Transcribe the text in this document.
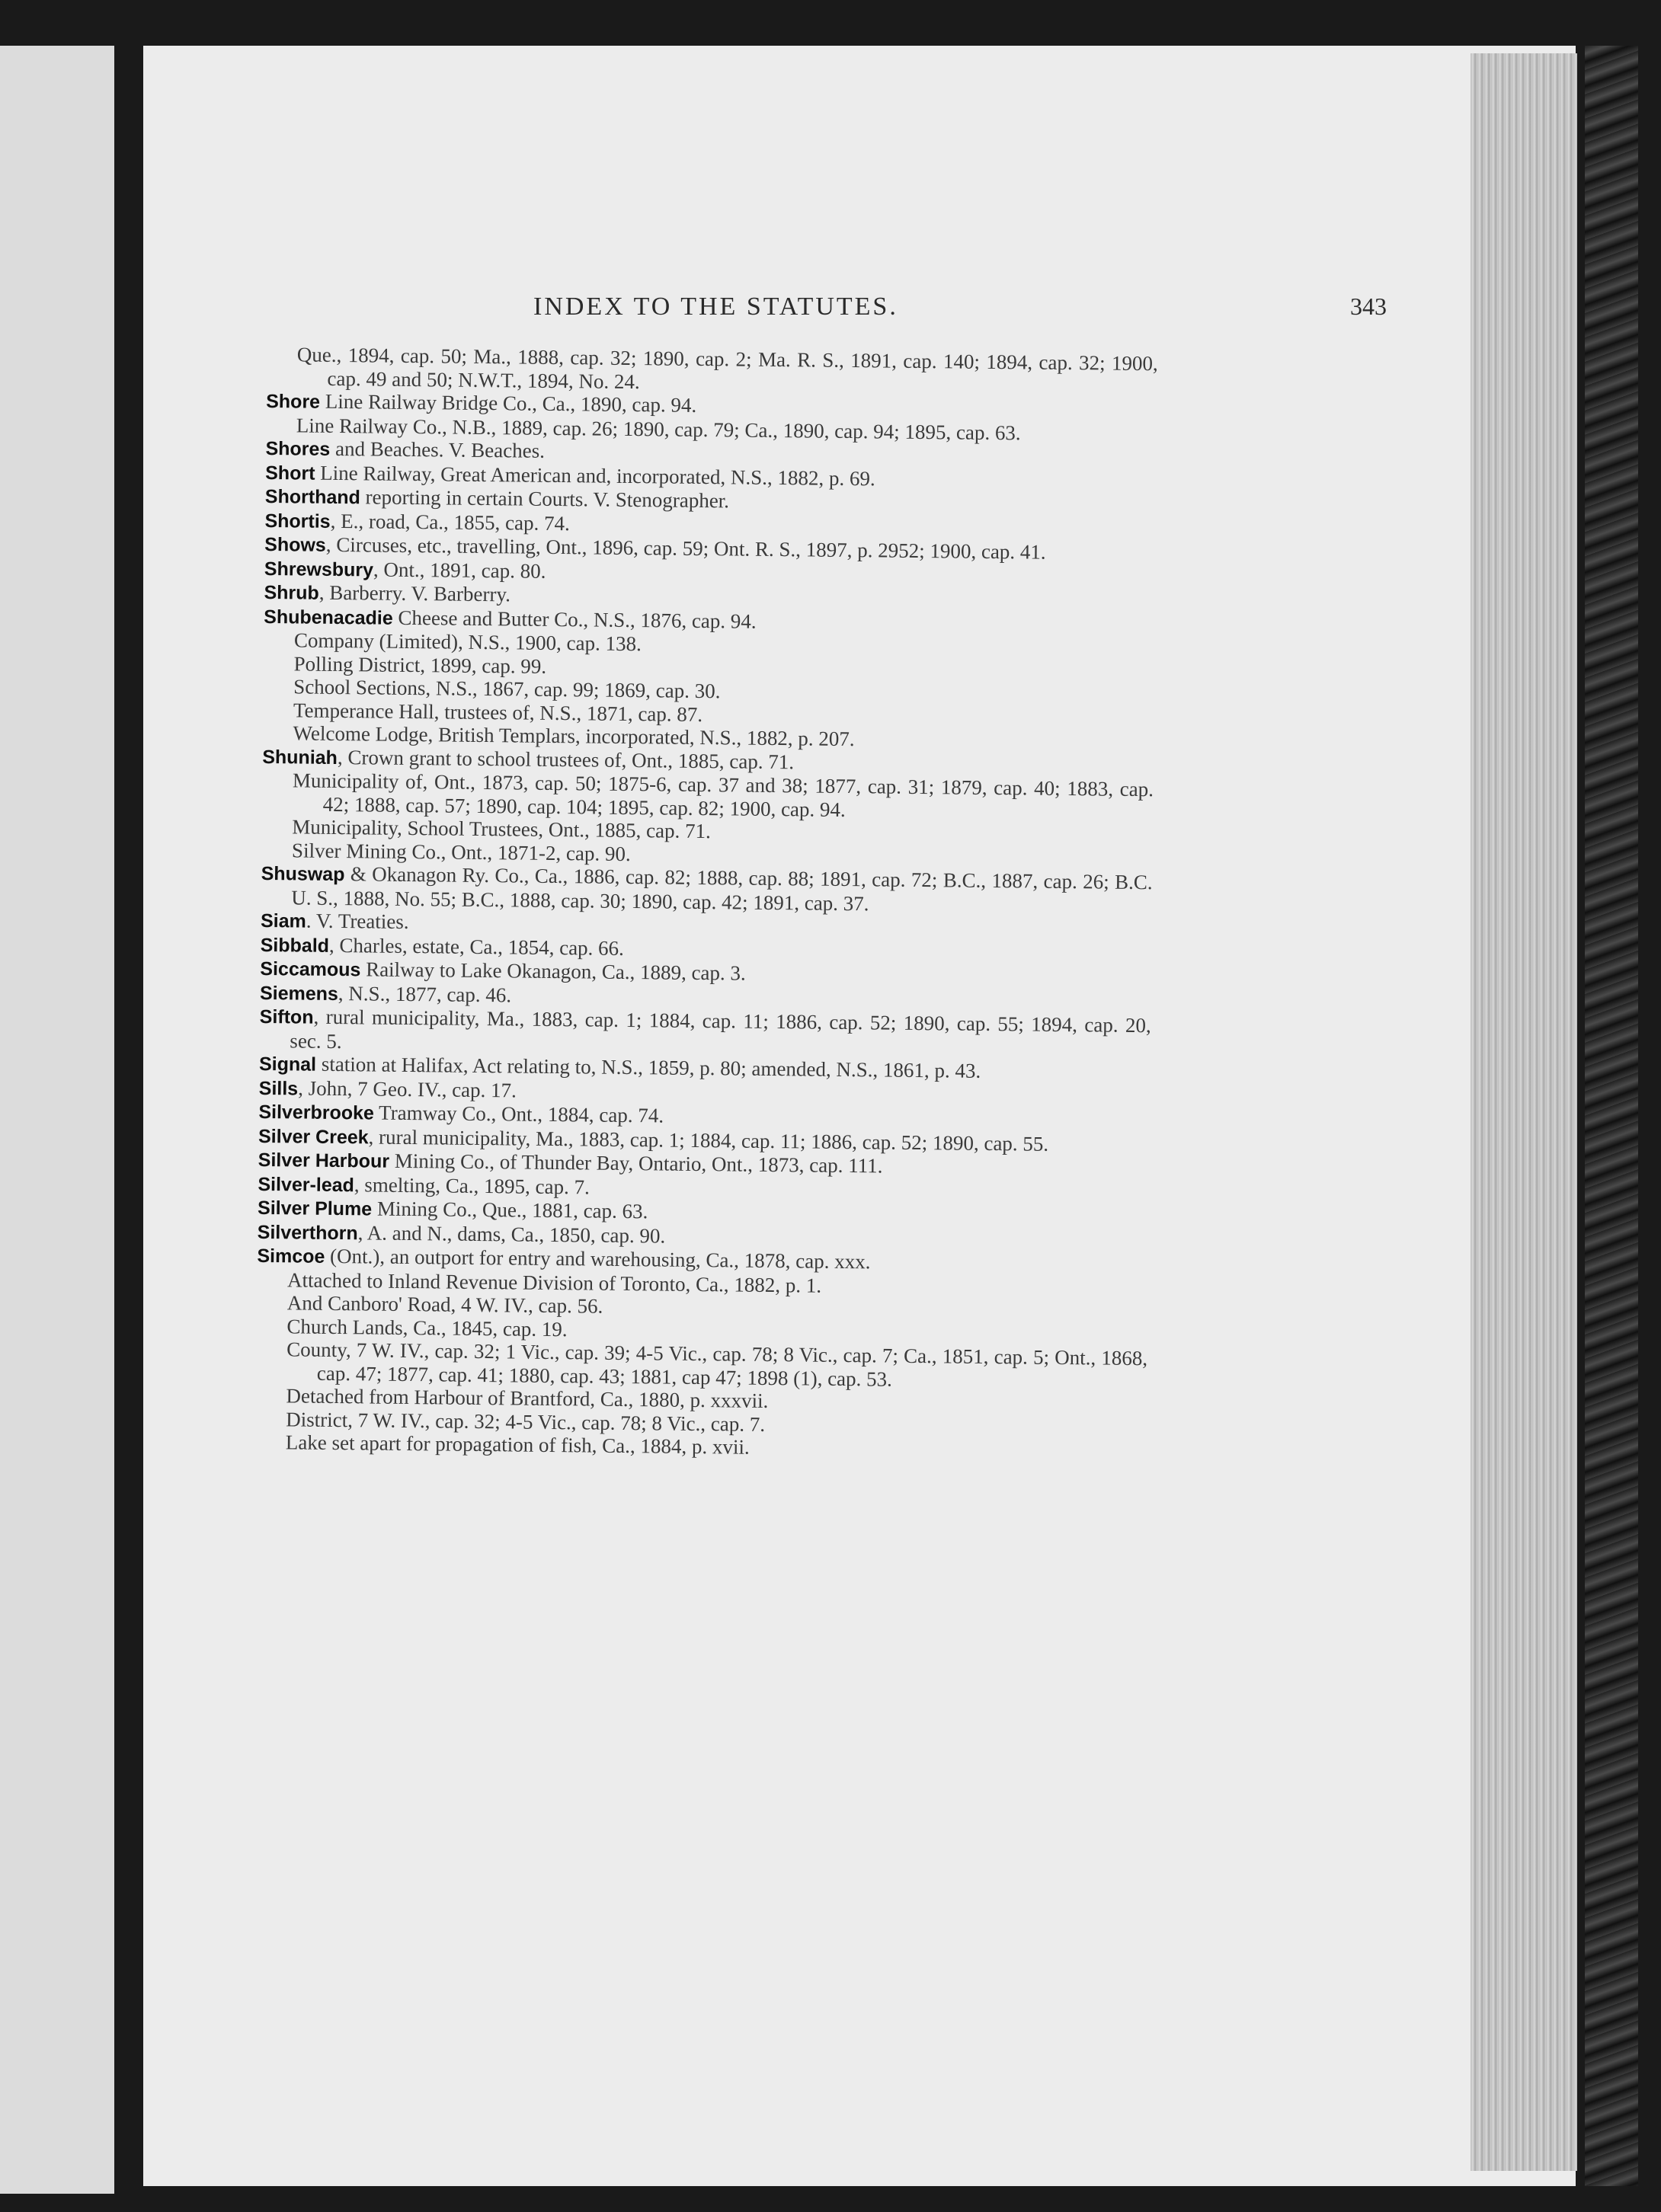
INDEX TO THE STATUTES.	343

Que., 1894, cap. 50; Ma., 1888, cap. 32; 1890, cap. 2; Ma. R. S., 1891, cap. 140; 1894, cap. 32; 1900, cap. 49 and 50; N.W.T., 1894, No. 24.

Shore Line Railway Bridge Co., Ca., 1890, cap. 94.

Line Railway Co., N.B., 1889, cap. 26; 1890, cap. 79; Ca., 1890, cap. 94; 1895, cap. 63.

Shores and Beaches. V. Beaches.

Short Line Railway, Great American and, incorporated, N.S., 1882, p. 69.

Shorthand reporting in certain Courts. V. Stenographer.

Shortis, E., road, Ca., 1855, cap. 74.

Shows, Circuses, etc., travelling, Ont., 1896, cap. 59; Ont. R. S., 1897, p. 2952; 1900, cap. 41.

Shrewsbury, Ont., 1891, cap. 80.

Shrub, Barberry. V. Barberry.

Shubenacadie Cheese and Butter Co., N.S., 1876, cap. 94.

Company (Limited), N.S., 1900, cap. 138.

Polling District, 1899, cap. 99.

School Sections, N.S., 1867, cap. 99; 1869, cap. 30.

Temperance Hall, trustees of, N.S., 1871, cap. 87.

Welcome Lodge, British Templars, incorporated, N.S., 1882, p. 207.

Shuniah, Crown grant to school trustees of, Ont., 1885, cap. 71.

Municipality of, Ont., 1873, cap. 50; 1875-6, cap. 37 and 38; 1877, cap. 31; 1879, cap. 40; 1883, cap. 42; 1888, cap. 57; 1890, cap. 104; 1895, cap. 82; 1900, cap. 94.

Municipality, School Trustees, Ont., 1885, cap. 71.

Silver Mining Co., Ont., 1871-2, cap. 90.

Shuswap & Okanagon Ry. Co., Ca., 1886, cap. 82; 1888, cap. 88; 1891, cap. 72; B.C., 1887, cap. 26; B.C. U. S., 1888, No. 55; B.C., 1888, cap. 30; 1890, cap. 42; 1891, cap. 37.

Siam. V. Treaties.

Sibbald, Charles, estate, Ca., 1854, cap. 66.

Siccamous Railway to Lake Okanagon, Ca., 1889, cap. 3.

Siemens, N.S., 1877, cap. 46.

Sifton, rural municipality, Ma., 1883, cap. 1; 1884, cap. 11; 1886, cap. 52; 1890, cap. 55; 1894, cap. 20, sec. 5.

Signal station at Halifax, Act relating to, N.S., 1859, p. 80; amended, N.S., 1861, p. 43.

Sills, John, 7 Geo. IV., cap. 17.

Silverbrooke Tramway Co., Ont., 1884, cap. 74.

Silver Creek, rural municipality, Ma., 1883, cap. 1; 1884, cap. 11; 1886, cap. 52; 1890, cap. 55.

Silver Harbour Mining Co., of Thunder Bay, Ontario, Ont., 1873, cap. 111.

Silver-lead, smelting, Ca., 1895, cap. 7.

Silver Plume Mining Co., Que., 1881, cap. 63.

Silverthorn, A. and N., dams, Ca., 1850, cap. 90.

Simcoe (Ont.), an outport for entry and warehousing, Ca., 1878, cap. xxx.

Attached to Inland Revenue Division of Toronto, Ca., 1882, p. 1.

And Canboro' Road, 4 W. IV., cap. 56.

Church Lands, Ca., 1845, cap. 19.

County, 7 W. IV., cap. 32; 1 Vic., cap. 39; 4-5 Vic., cap. 78; 8 Vic., cap. 7; Ca., 1851, cap. 5; Ont., 1868, cap. 47; 1877, cap. 41; 1880, cap. 43; 1881, cap 47; 1898 (1), cap. 53.

Detached from Harbour of Brantford, Ca., 1880, p. xxxvii.

District, 7 W. IV., cap. 32; 4-5 Vic., cap. 78; 8 Vic., cap. 7.

Lake set apart for propagation of fish, Ca., 1884, p. xvii.
